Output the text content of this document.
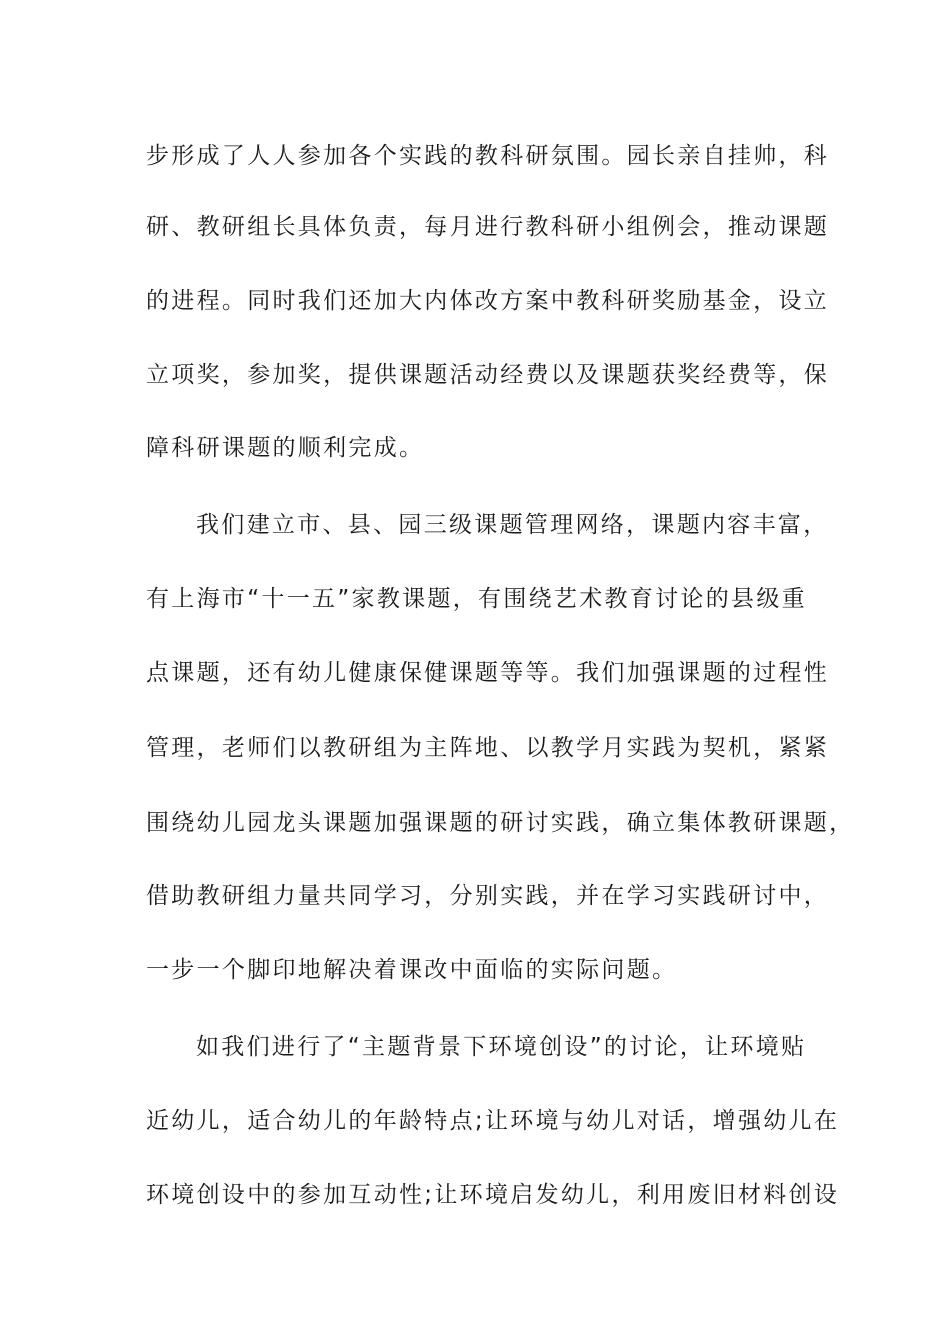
步形成了人人参加各个实践的教科研氛围。园长亲自挂帅，科
研、教研组长具体负责，每月进行教科研小组例会，推动课题
的进程。同时我们还加大内体改方案中教科研奖励基金，设立
立项奖，参加奖，提供课题活动经费以及课题获奖经费等，保
障科研课题的顺利完成。
我们建立市、县、园三级课题管理网络，课题内容丰富，
有上海市“十一五”家教课题，有围绕艺术教育讨论的县级重
点课题，还有幼儿健康保健课题等等。我们加强课题的过程性
管理，老师们以教研组为主阵地、以教学月实践为契机，紧紧
围绕幼儿园龙头课题加强课题的研讨实践，确立集体教研课题，
借助教研组力量共同学习，分别实践，并在学习实践研讨中，
一步一个脚印地解决着课改中面临的实际问题。
如我们进行了“主题背景下环境创设”的讨论，让环境贴
近幼儿，适合幼儿的年龄特点;让环境与幼儿对话，增强幼儿在
环境创设中的参加互动性;让环境启发幼儿，利用废旧材料创设
